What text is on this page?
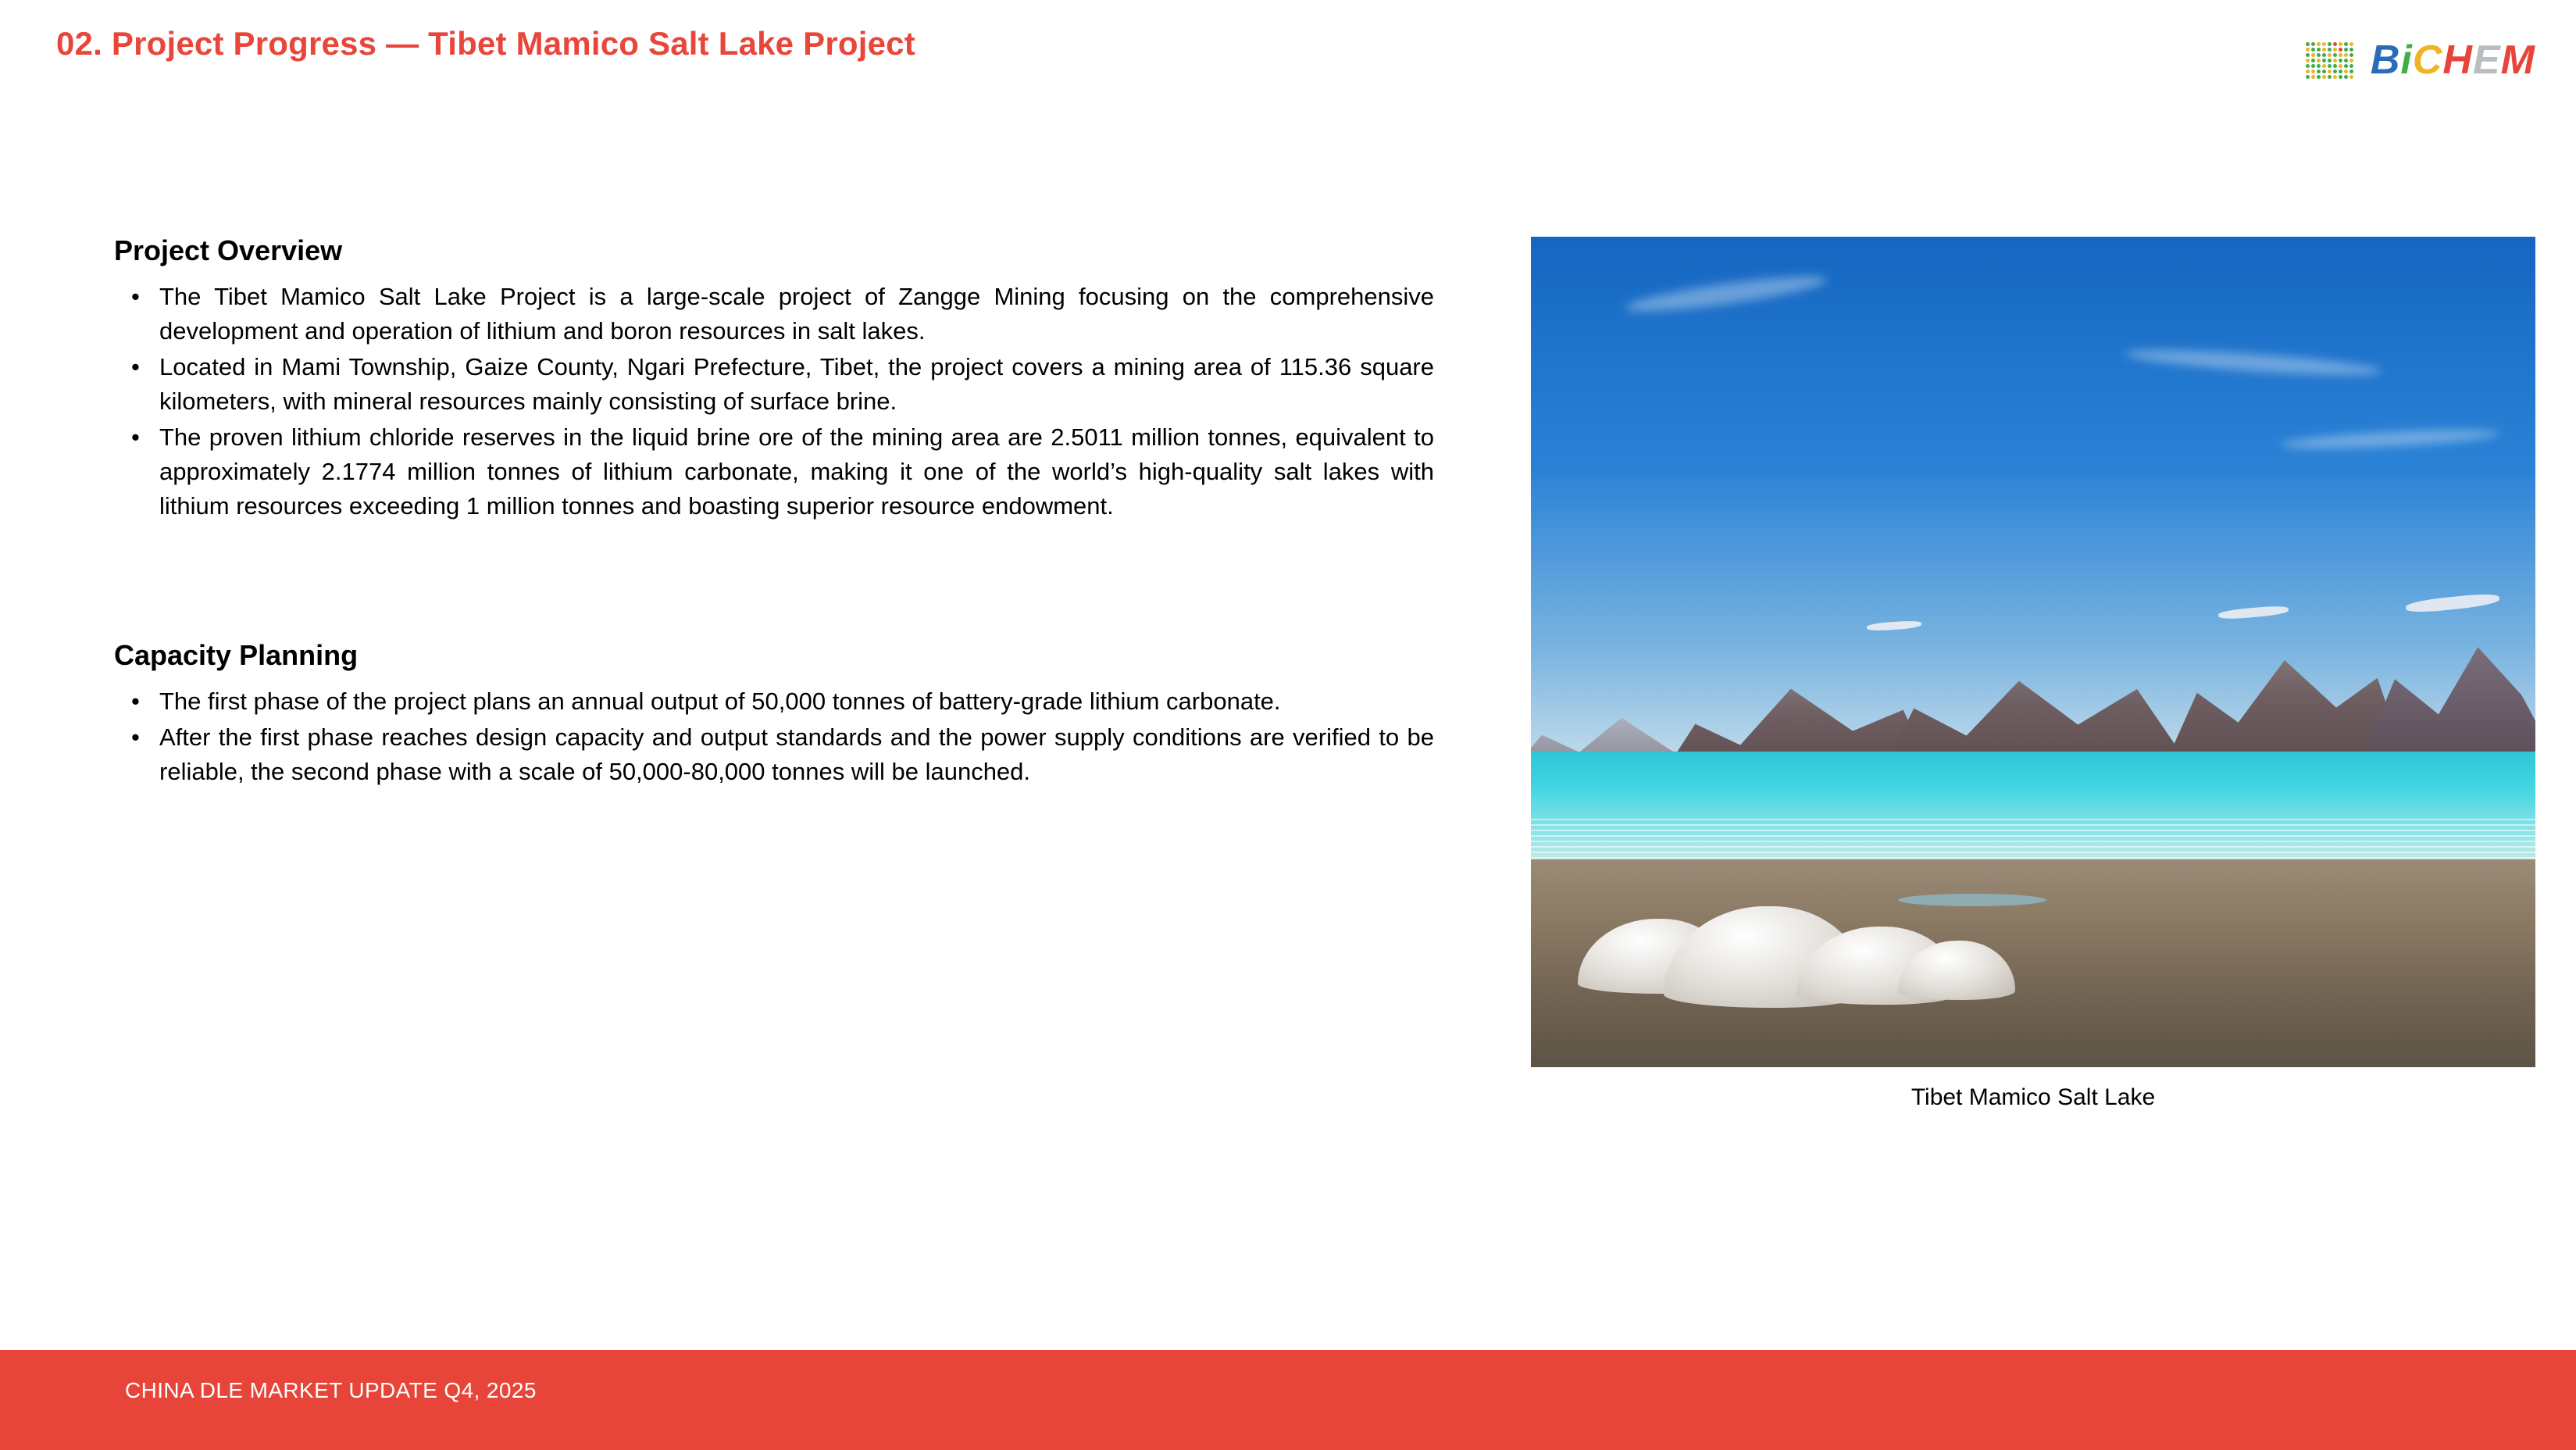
02. Project Progress — Tibet Mamico Salt Lake Project	BiCHEM
Project Overview
• The Tibet Mamico Salt Lake Project is a large-scale project of Zangge Mining focusing on the comprehensive development and operation of lithium and boron resources in salt lakes.
• Located in Mami Township, Gaize County, Ngari Prefecture, Tibet, the project covers a mining area of 115.36 square kilometers, with mineral resources mainly consisting of surface brine.
• The proven lithium chloride reserves in the liquid brine ore of the mining area are 2.5011 million tonnes, equivalent to approximately 2.1774 million tonnes of lithium carbonate, making it one of the world’s high-quality salt lakes with lithium resources exceeding 1 million tonnes and boasting superior resource endowment.
Capacity Planning
• The first phase of the project plans an annual output of 50,000 tonnes of battery-grade lithium carbonate.
• After the first phase reaches design capacity and output standards and the power supply conditions are verified to be reliable, the second phase with a scale of 50,000-80,000 tonnes will be launched.
Tibet Mamico Salt Lake
CHINA DLE MARKET UPDATE Q4, 2025
